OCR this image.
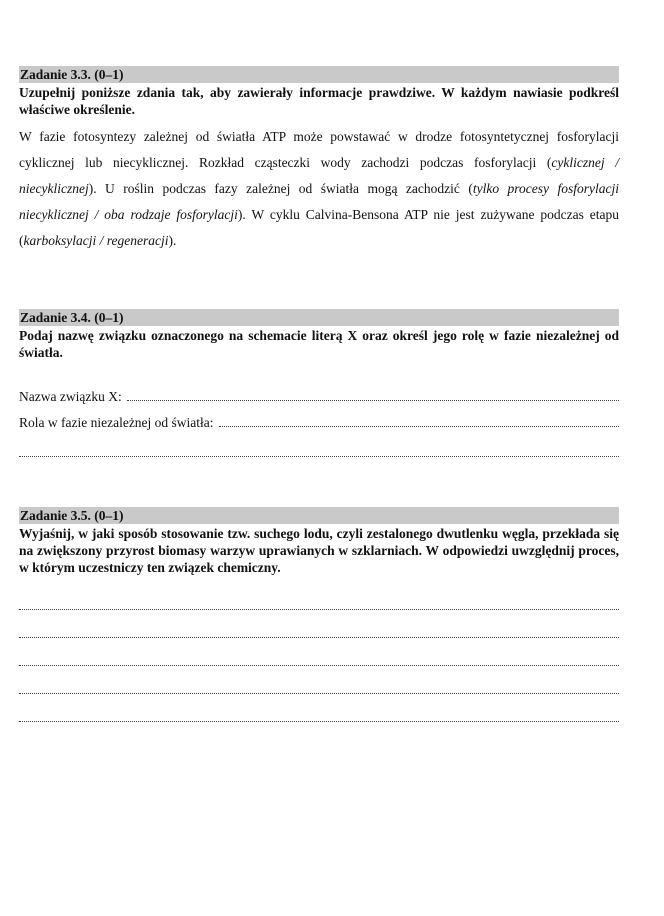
Zadanie 3.3. (0–1)
Uzupełnij poniższe zdania tak, aby zawierały informacje prawdziwe. W każdym nawiasie podkreśl właściwe określenie.

W fazie fotosyntezy zależnej od światła ATP może powstawać w drodze fotosyntetycznej fosforylacji cyklicznej lub niecyklicznej. Rozkład cząsteczki wody zachodzi podczas fosforylacji (cyklicznej / niecyklicznej). U roślin podczas fazy zależnej od światła mogą zachodzić (tylko procesy fosforylacji niecyklicznej / oba rodzaje fosforylacji). W cyklu Calvina-Bensona ATP nie jest zużywane podczas etapu (karboksylacji / regeneracji).

Zadanie 3.4. (0–1)
Podaj nazwę związku oznaczonego na schemacie literą X oraz określ jego rolę w fazie niezależnej od światła.
Nazwa związku X:
Rola w fazie niezależnej od światła:
Zadanie 3.5. (0–1)
Wyjaśnij, w jaki sposób stosowanie tzw. suchego lodu, czyli zestalonego dwutlenku węgla, przekłada się na zwiększony przyrost biomasy warzyw uprawianych w szklarniach. W odpowiedzi uwzględnij proces, w którym uczestniczy ten związek chemiczny.
